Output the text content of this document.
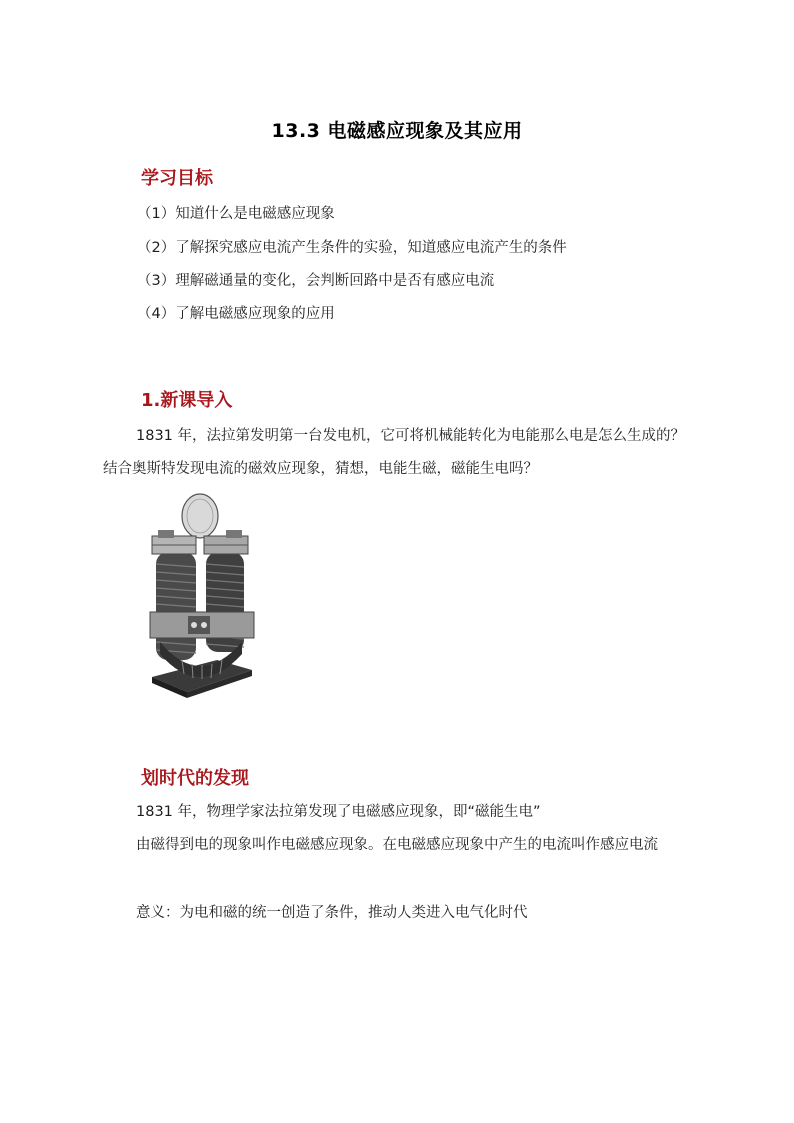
13.3 电磁感应现象及其应用
学习目标
（1）知道什么是电磁感应现象
（2）了解探究感应电流产生条件的实验，知道感应电流产生的条件
（3）理解磁通量的变化，会判断回路中是否有感应电流
（4）了解电磁感应现象的应用
1.新课导入
1831 年，法拉第发明第一台发电机，它可将机械能转化为电能那么电是怎么生成的？结合奥斯特发现电流的磁效应现象，猜想，电能生磁，磁能生电吗？
划时代的发现
1831 年，物理学家法拉第发现了电磁感应现象，即“磁能生电”
由磁得到电的现象叫作电磁感应现象。在电磁感应现象中产生的电流叫作感应电流
意义：为电和磁的统一创造了条件，推动人类进入电气化时代
